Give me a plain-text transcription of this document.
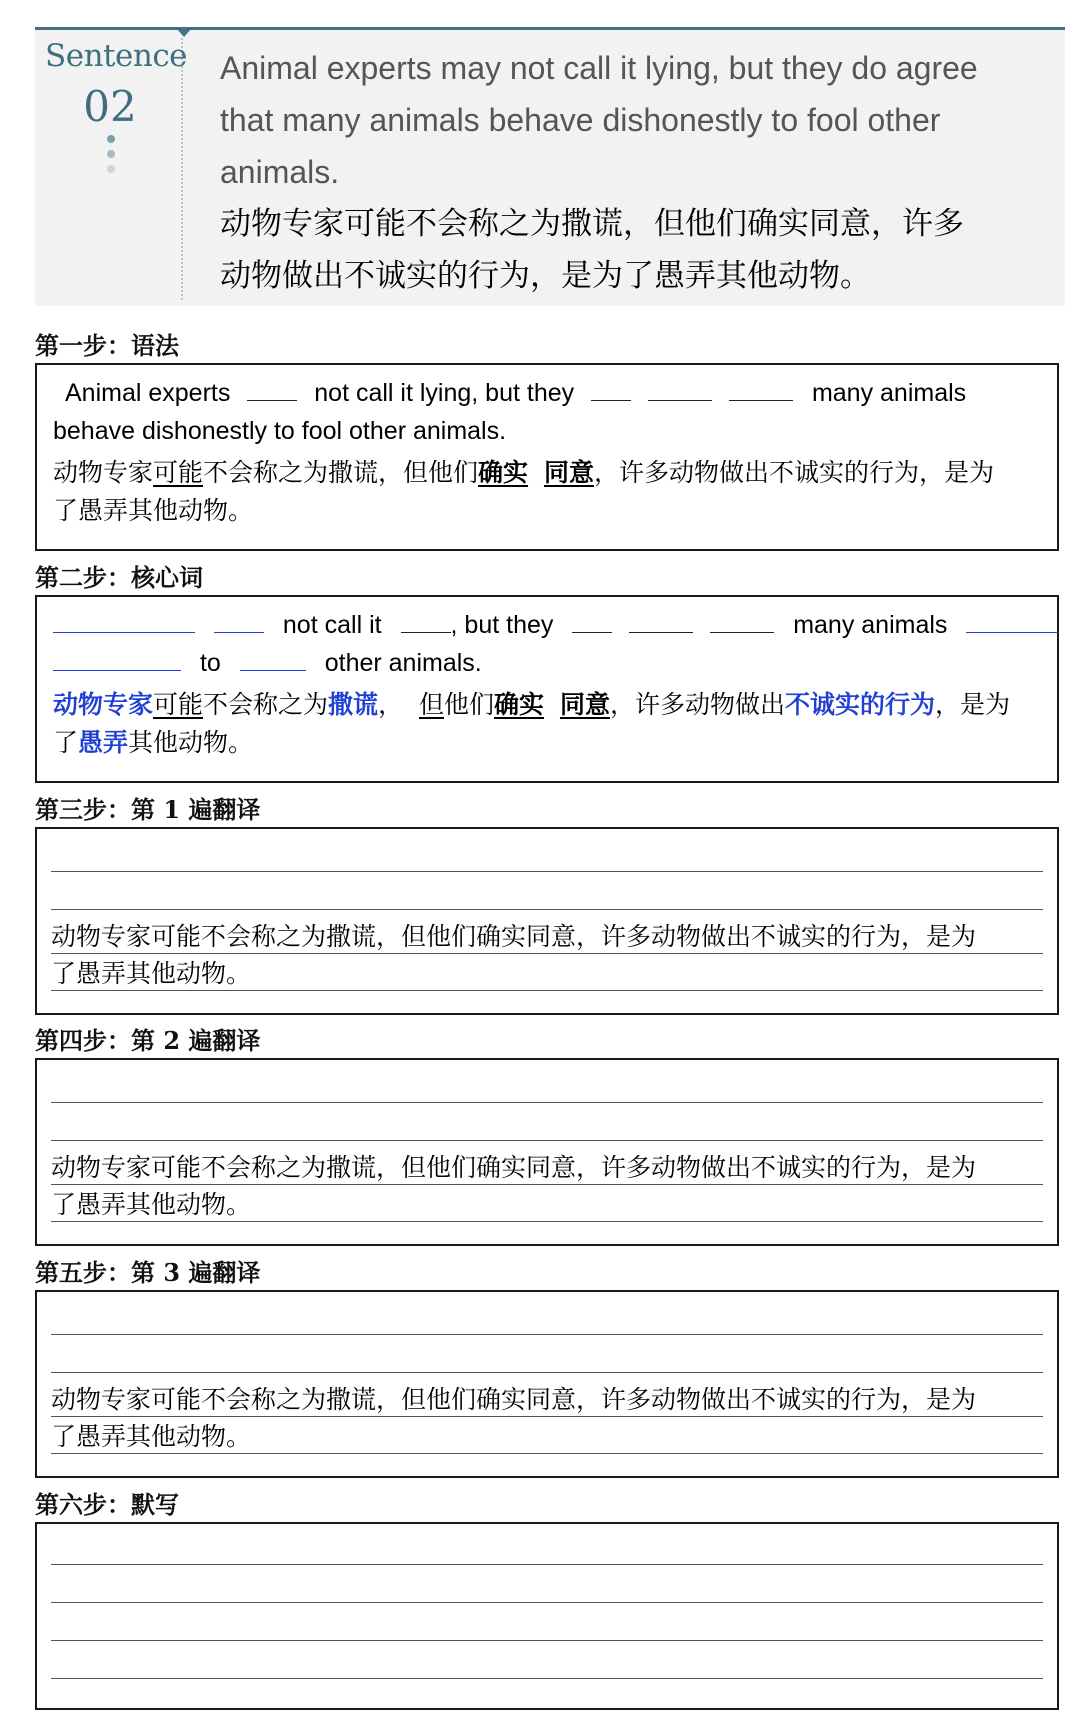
Sentence
02
Animal experts may not call it lying, but they do agree
that many animals behave dishonestly to fool other
animals.
动物专家可能不会称之为撒谎，但他们确实同意，许多
动物做出不诚实的行为，是为了愚弄其他动物。
第一步：语法
Animal experts	not call it lying, but they	many animals
behave dishonestly to fool other animals.
动物专家可能不会称之为撒谎，但他们确实 同意，许多动物做出不诚实的行为，是为
了愚弄其他动物。
第二步：核心词
not call it	, but they	many animals
to	other animals.
动物专家可能不会称之为撒谎， 但他们确实 同意，许多动物做出不诚实的行为，是为
了愚弄其他动物。
第三步：第 1 遍翻译
动物专家可能不会称之为撒谎，但他们确实同意，许多动物做出不诚实的行为，是为
了愚弄其他动物。
第四步：第 2 遍翻译
动物专家可能不会称之为撒谎，但他们确实同意，许多动物做出不诚实的行为，是为
了愚弄其他动物。
第五步：第 3 遍翻译
动物专家可能不会称之为撒谎，但他们确实同意，许多动物做出不诚实的行为，是为
了愚弄其他动物。
第六步：默写
